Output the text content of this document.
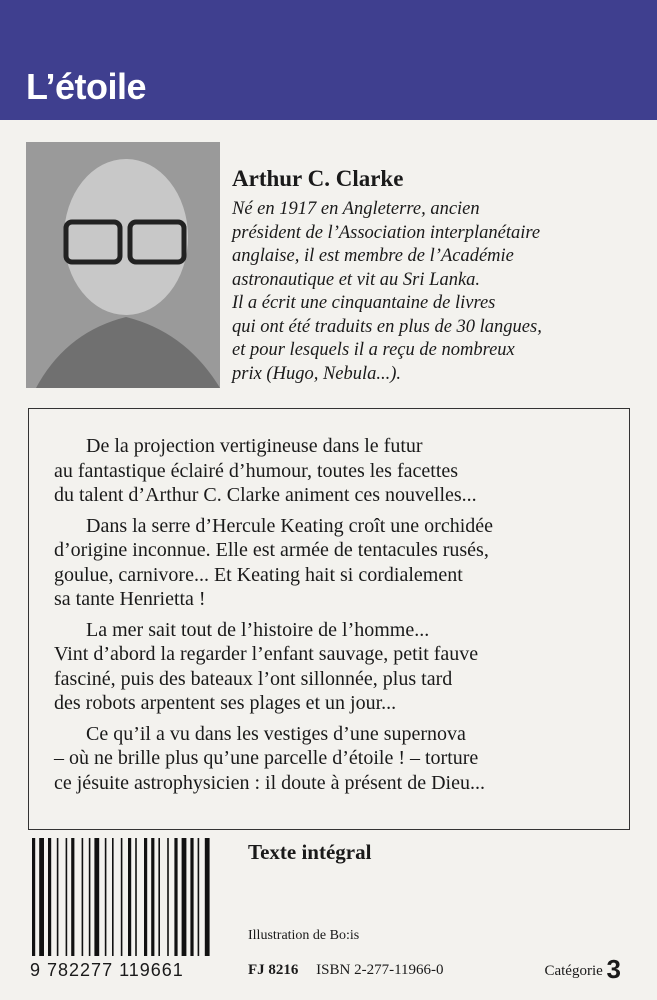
L’étoile
Arthur C. Clarke
Né en 1917 en Angleterre, ancien
président de l’Association interplanétaire
anglaise, il est membre de l’Académie
astronautique et vit au Sri Lanka.
Il a écrit une cinquantaine de livres
qui ont été traduits en plus de 30 langues,
et pour lesquels il a reçu de nombreux
prix (Hugo, Nebula...).

De la projection vertigineuse dans le futur
au fantastique éclairé d’humour, toutes les facettes
du talent d’Arthur C. Clarke animent ces nouvelles...

Dans la serre d’Hercule Keating croît une orchidée
d’origine inconnue. Elle est armée de tentacules rusés,
goulue, carnivore... Et Keating hait si cordialement
sa tante Henrietta !

La mer sait tout de l’histoire de l’homme...
Vint d’abord la regarder l’enfant sauvage, petit fauve
fasciné, puis des bateaux l’ont sillonnée, plus tard
des robots arpentent ses plages et un jour...

Ce qu’il a vu dans les vestiges d’une supernova
– où ne brille plus qu’une parcelle d’étoile ! – torture
ce jésuite astrophysicien : il doute à présent de Dieu...

9 782277 119661
Texte intégral
Illustration de Bo:is
FJ 8216 ISBN 2-277-11966-0	Catégorie 3
